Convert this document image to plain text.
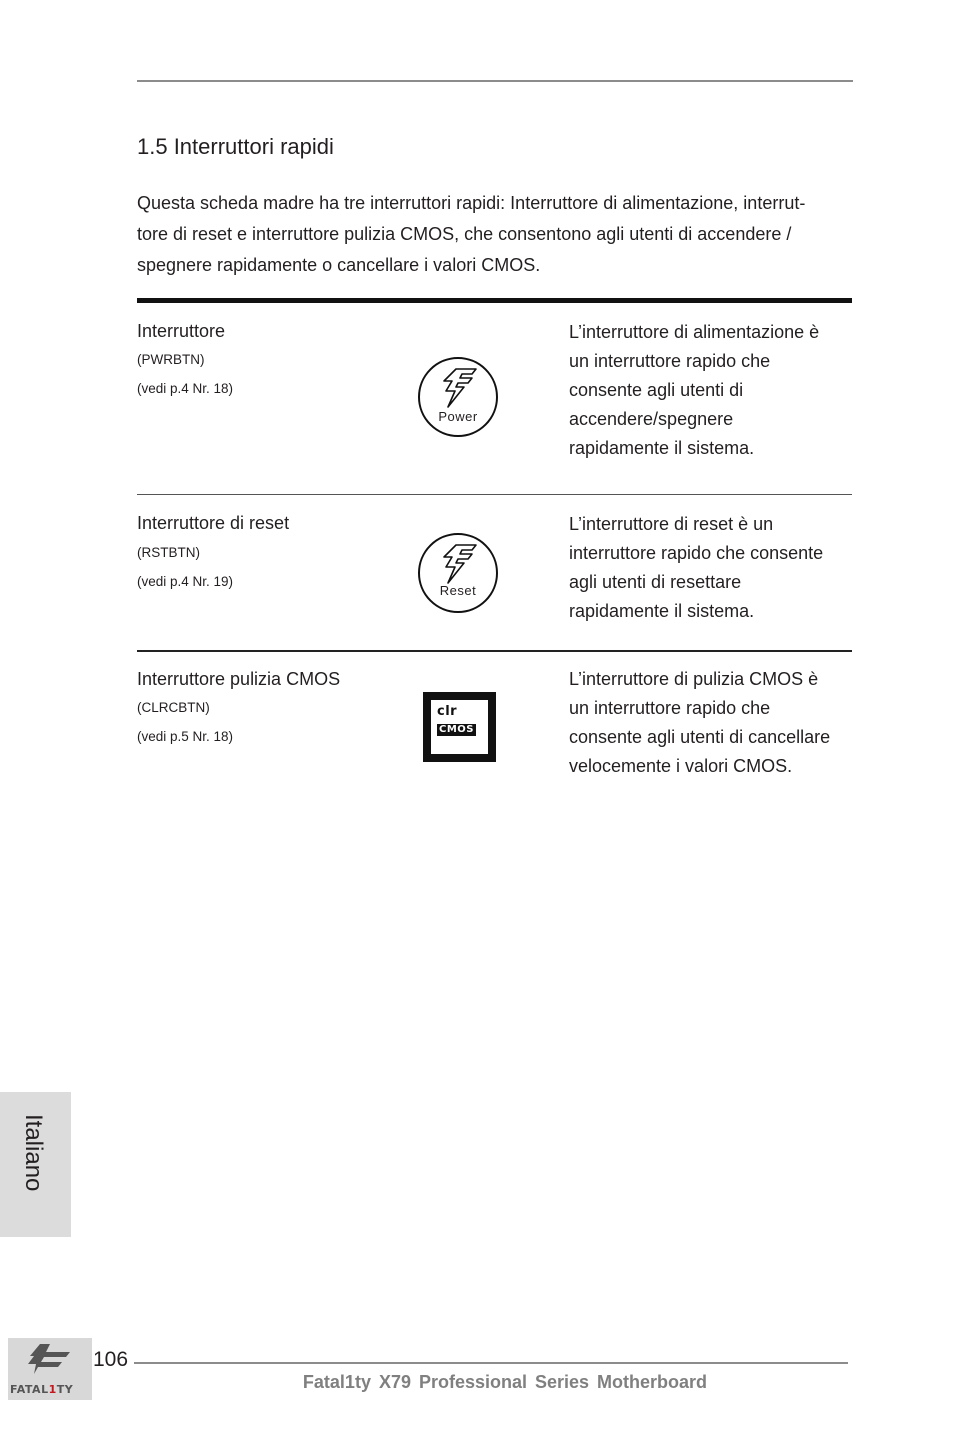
1.5 Interruttori rapidi

Questa scheda madre ha tre interruttori rapidi: Interruttore di alimentazione, interrut-
tore di reset e interruttore pulizia CMOS, che consentono agli utenti di accendere /
spegnere rapidamente o cancellare i valori CMOS.

Interruttore
(PWRBTN)
(vedi p.4 Nr. 18)
Power

L’interruttore di alimentazione è
un interruttore rapido che
consente agli utenti di
accendere/spegnere
rapidamente il sistema.

Interruttore di reset
(RSTBTN)
(vedi p.4 Nr. 19)
Reset

L’interruttore di reset è un
interruttore rapido che consente
agli utenti di resettare
rapidamente il sistema.

Interruttore pulizia CMOS
(CLRCBTN)
(vedi p.5 Nr. 18)
clr
CMOS

L’interruttore di pulizia CMOS è
un interruttore rapido che
consente agli utenti di cancellare
velocemente i valori CMOS.

Italiano
FATAL1TY
106
Fatal1ty X79 Professional Series Motherboard
